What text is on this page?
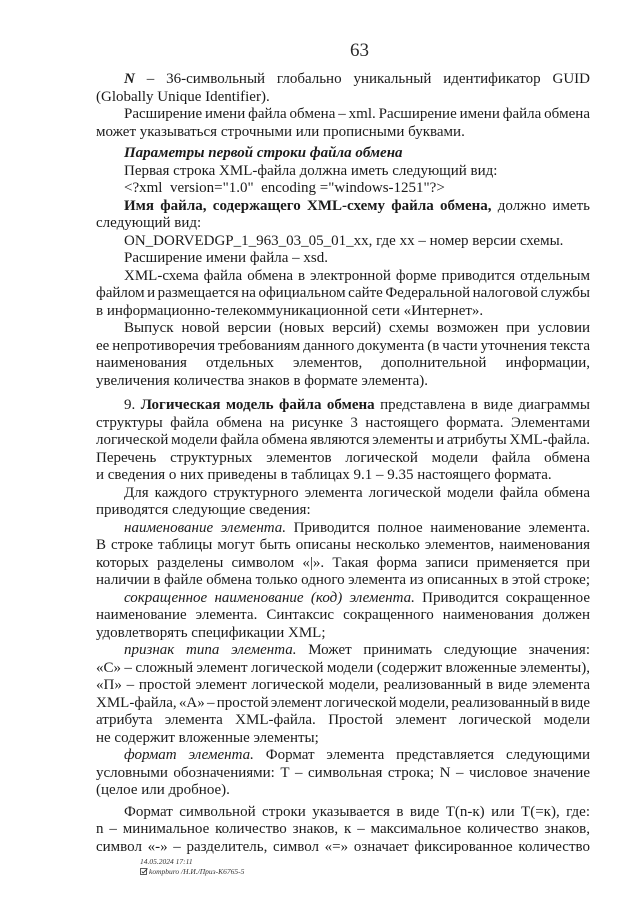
63
N – 36-символьный глобально уникальный идентификатор GUID
(Globally Unique Identifier).
Расширение имени файла обмена – xml. Расширение имени файла обмена
может указываться строчными или прописными буквами.
Параметры первой строки файла обмена
Первая строка XML-файла должна иметь следующий вид:
<?xml  version="1.0"  encoding ="windows-1251"?>
Имя файла, содержащего XML-схему файла обмена, должно иметь
следующий вид:
ON_DORVEDGP_1_963_03_05_01_xx, где xx – номер версии схемы.
Расширение имени файла – xsd.
XML-схема файла обмена в электронной форме приводится отдельным
файлом и размещается на официальном сайте Федеральной налоговой службы
в информационно-телекоммуникационной сети «Интернет».
Выпуск новой версии (новых версий) схемы возможен при условии
ее непротиворечия требованиям данного документа (в части уточнения текста
наименования отдельных элементов, дополнительной информации,
увеличения количества знаков в формате элемента).
9. Логическая модель файла обмена представлена в виде диаграммы
структуры файла обмена на рисунке 3 настоящего формата. Элементами
логической модели файла обмена являются элементы и атрибуты XML-файла.
Перечень структурных элементов логической модели файла обмена
и сведения о них приведены в таблицах 9.1 – 9.35 настоящего формата.
Для каждого структурного элемента логической модели файла обмена
приводятся следующие сведения:
наименование элемента. Приводится полное наименование элемента.
В строке таблицы могут быть описаны несколько элементов, наименования
которых разделены символом «|». Такая форма записи применяется при
наличии в файле обмена только одного элемента из описанных в этой строке;
сокращенное наименование (код) элемента. Приводится сокращенное
наименование элемента. Синтаксис сокращенного наименования должен
удовлетворять спецификации XML;
признак типа элемента. Может принимать следующие значения:
«С» – сложный элемент логической модели (содержит вложенные элементы),
«П» – простой элемент логической модели, реализованный в виде элемента
XML-файла, «А» – простой элемент логической модели, реализованный в виде
атрибута элемента XML-файла. Простой элемент логической модели
не содержит вложенные элементы;
формат элемента. Формат элемента представляется следующими
условными обозначениями: Т – символьная строка; N – числовое значение
(целое или дробное).
Формат символьной строки указывается в виде Т(n-к) или Т(=к), где:
n – минимальное количество знаков, к – максимальное количество знаков,
символ «-» – разделитель, символ «=» означает фиксированное количество
14.05.2024 17:11
kompburo /Н.И./Приз-К6765-5
